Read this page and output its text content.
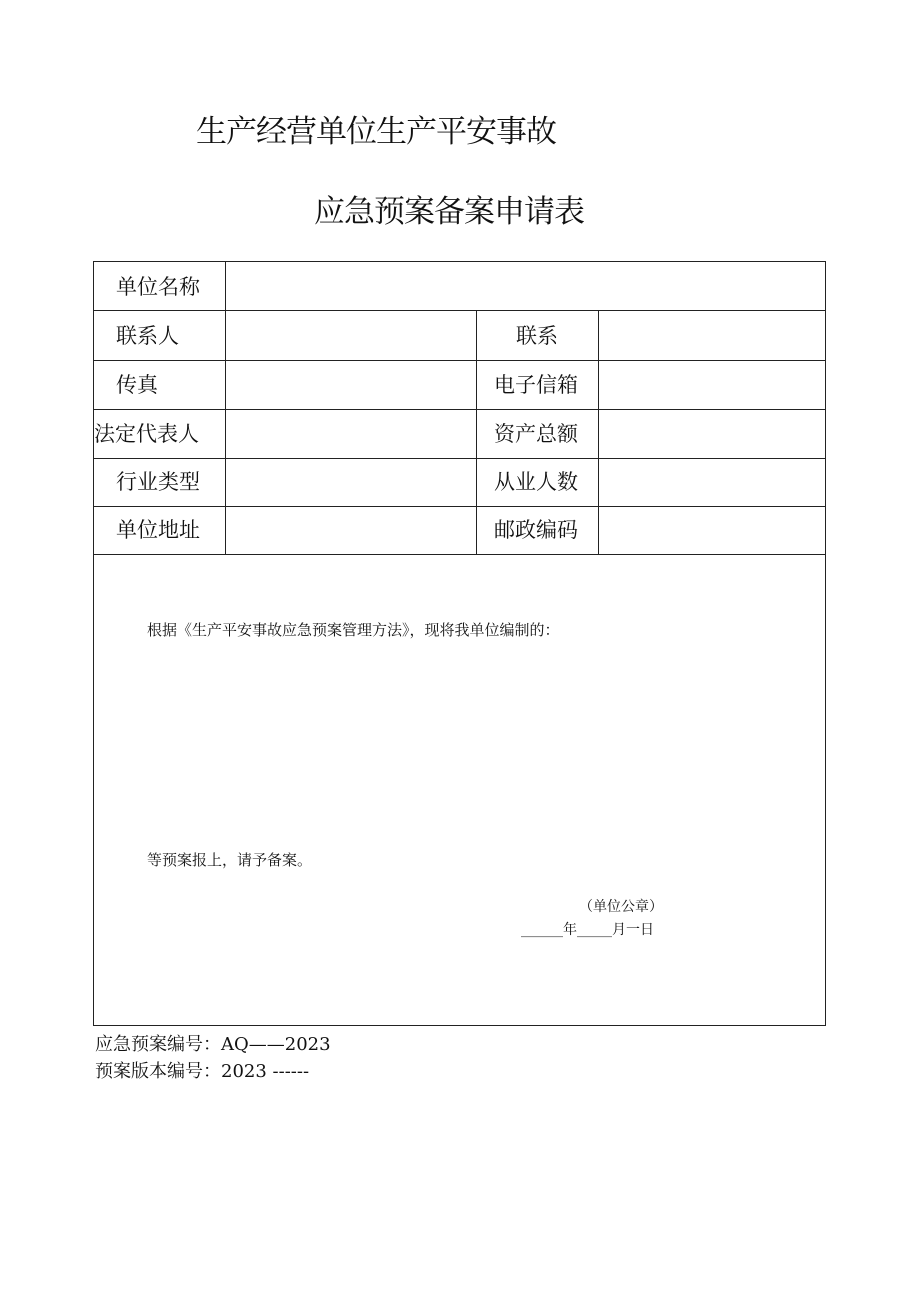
生产经营单位生产平安事故
应急预案备案申请表
单位名称
联系人	联系
传真	电子信箱
法定代表人	资产总额
行业类型	从业人数
单位地址	邮政编码
根据《生产平安事故应急预案管理方法》，现将我单位编制的：
等预案报上，请予备案。
（单位公章）
______年_____月一日
应急预案编号：AQ——2023
预案版本编号：2023 ------
